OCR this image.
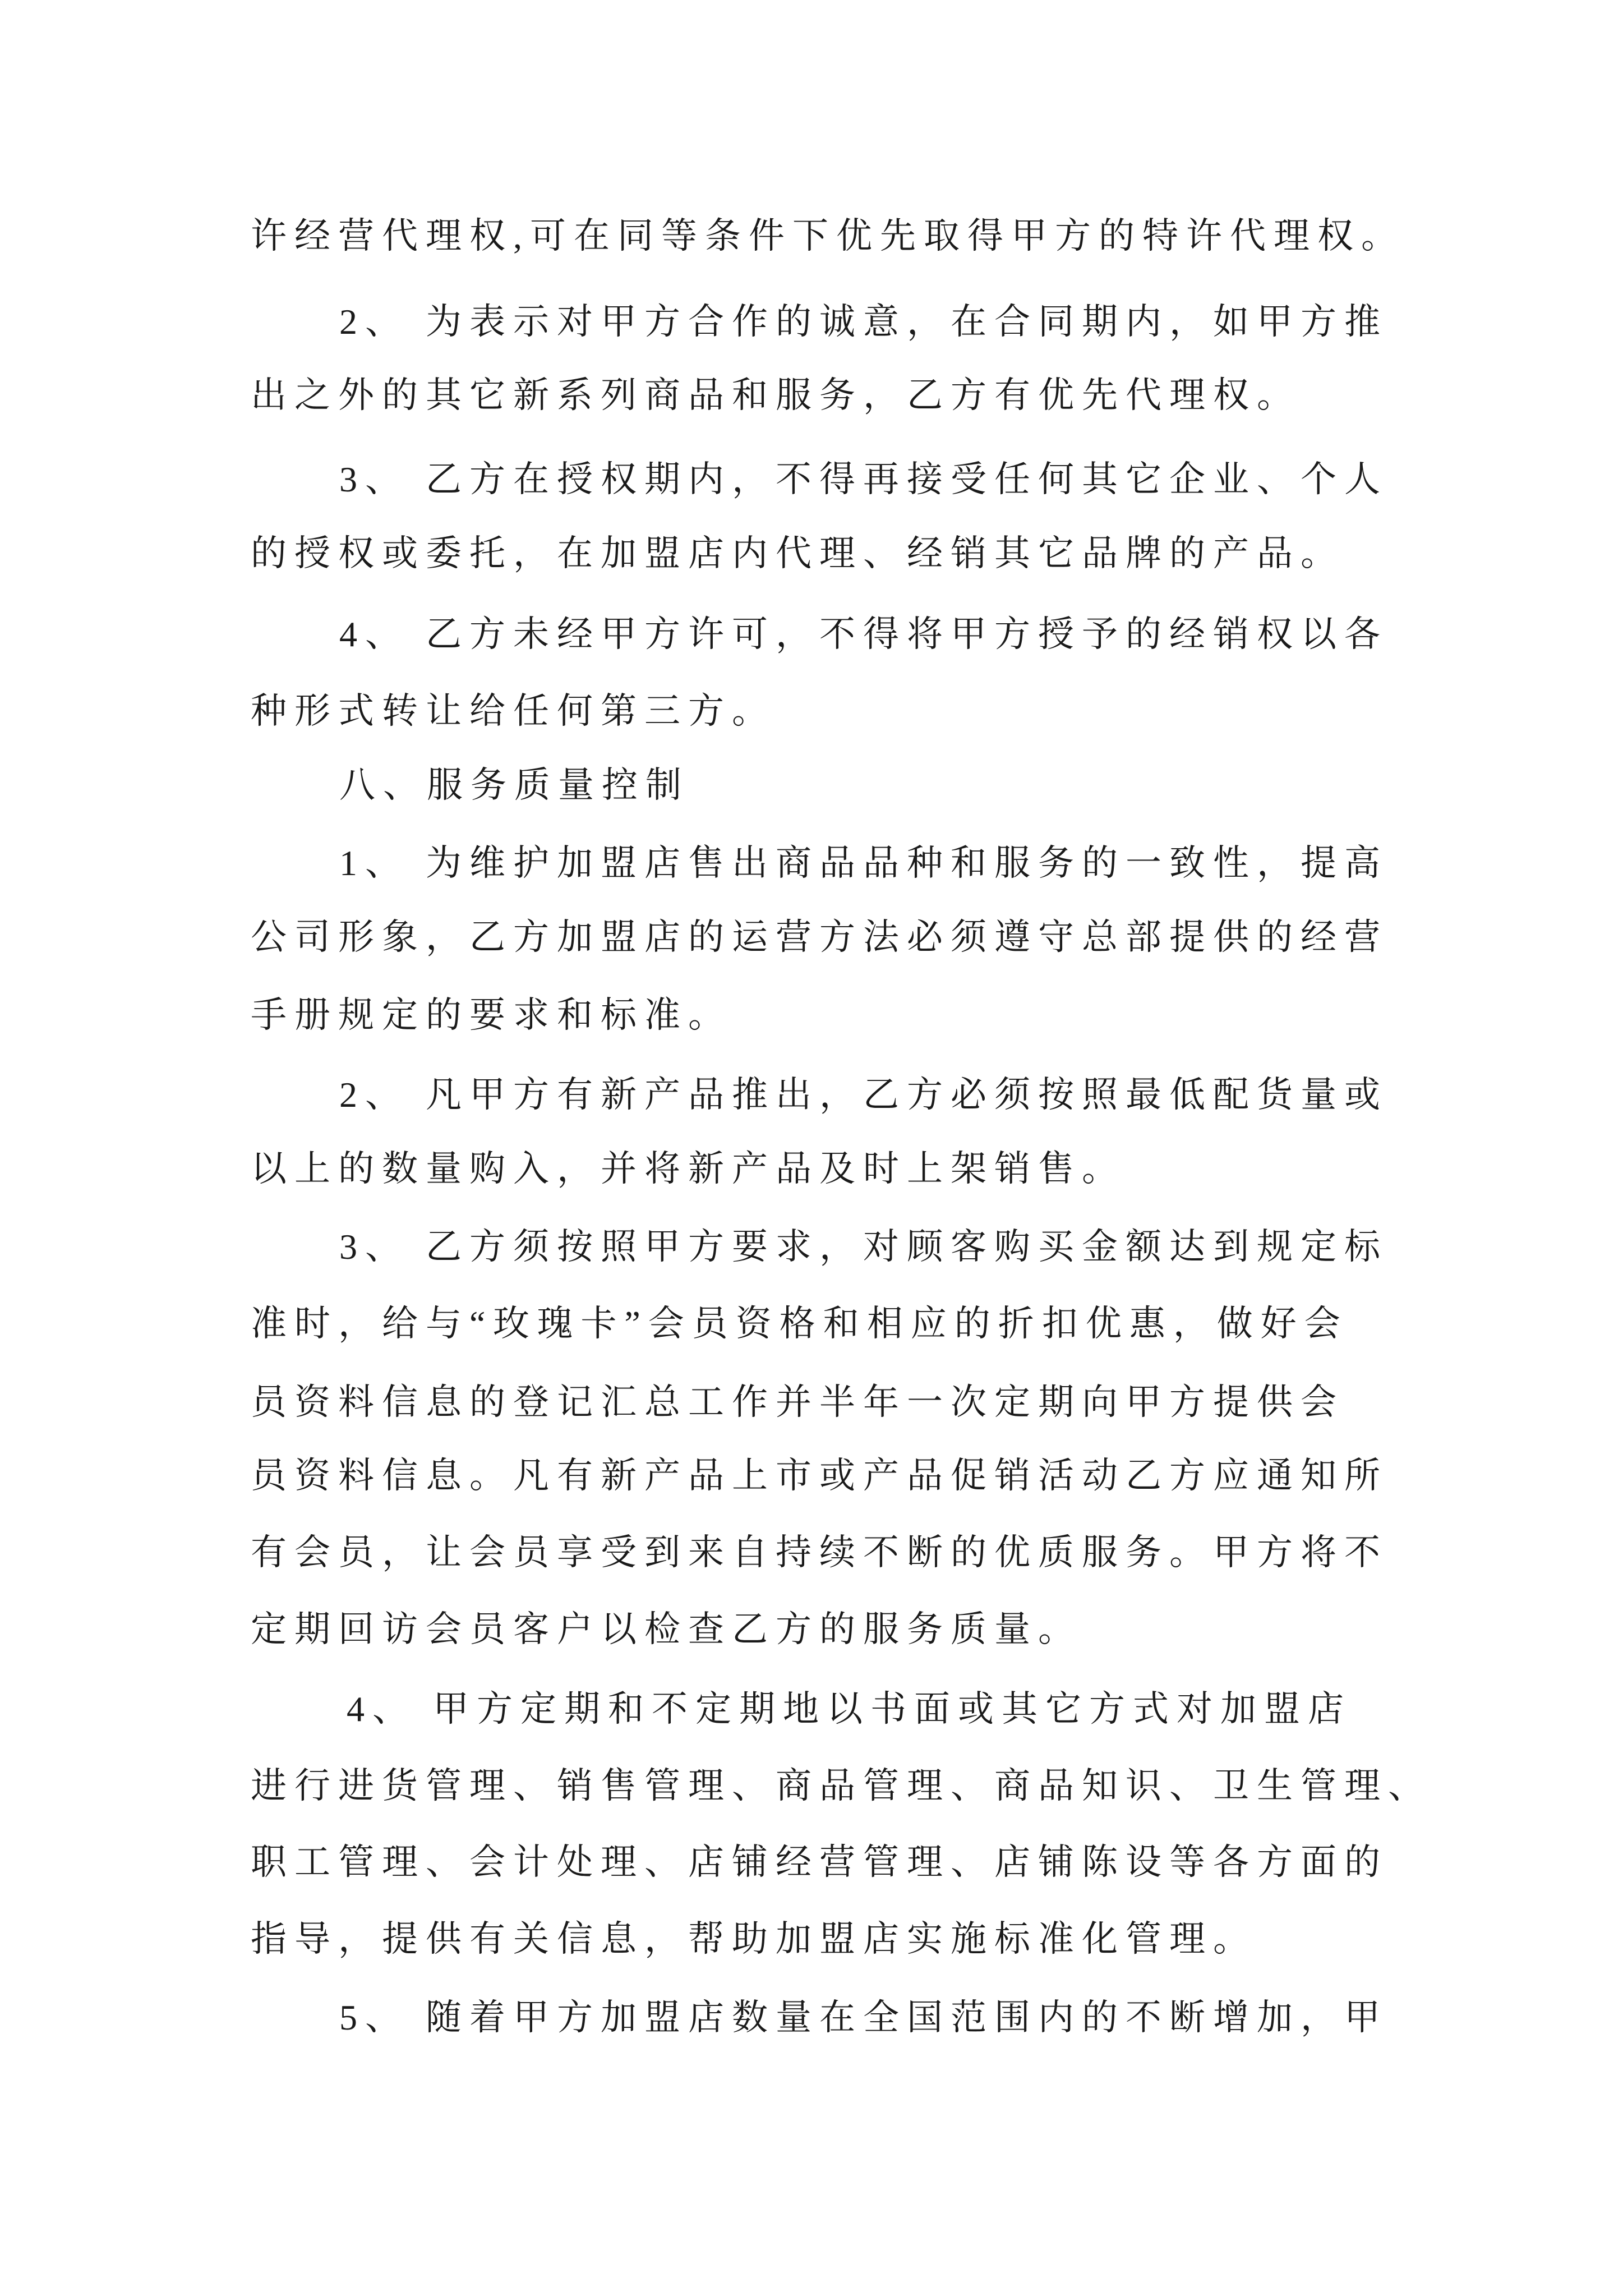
许经营代理权,可在同等条件下优先取得甲方的特许代理权。
2、 为表示对甲方合作的诚意，在合同期内，如甲方推
出之外的其它新系列商品和服务，乙方有优先代理权。
3、 乙方在授权期内，不得再接受任何其它企业、个人
的授权或委托，在加盟店内代理、经销其它品牌的产品。
4、 乙方未经甲方许可，不得将甲方授予的经销权以各
种形式转让给任何第三方。
八、服务质量控制
1、 为维护加盟店售出商品品种和服务的一致性，提高
公司形象，乙方加盟店的运营方法必须遵守总部提供的经营
手册规定的要求和标准。
2、 凡甲方有新产品推出，乙方必须按照最低配货量或
以上的数量购入，并将新产品及时上架销售。
3、 乙方须按照甲方要求，对顾客购买金额达到规定标
准时，给与“玫瑰卡”会员资格和相应的折扣优惠，做好会
员资料信息的登记汇总工作并半年一次定期向甲方提供会
员资料信息。凡有新产品上市或产品促销活动乙方应通知所
有会员，让会员享受到来自持续不断的优质服务。甲方将不
定期回访会员客户以检查乙方的服务质量。
4、 甲方定期和不定期地以书面或其它方式对加盟店
进行进货管理、销售管理、商品管理、商品知识、卫生管理、
职工管理、会计处理、店铺经营管理、店铺陈设等各方面的
指导，提供有关信息，帮助加盟店实施标准化管理。
5、 随着甲方加盟店数量在全国范围内的不断增加，甲
